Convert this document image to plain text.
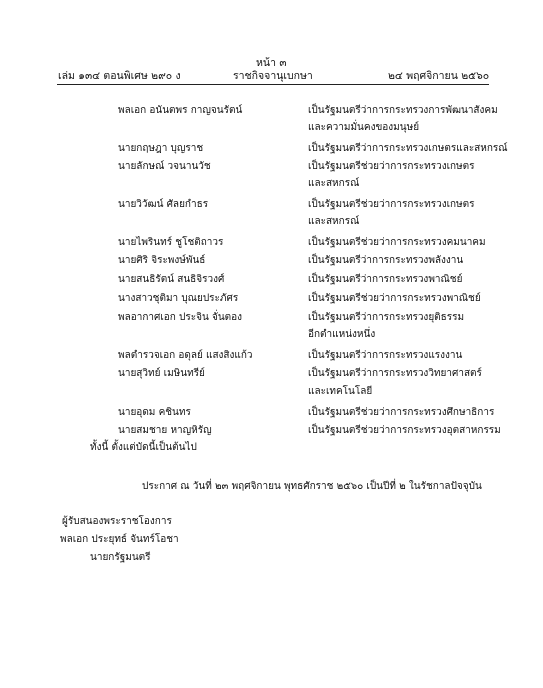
หน้า ๓
เล่ม ๑๓๔ ตอนพิเศษ ๒๙๐ ง	ราชกิจจานุเบกษา	๒๔ พฤศจิกายน ๒๕๖๐
พลเอก อนันตพร กาญจนรัตน์	เป็นรัฐมนตรีว่าการกระทรวงการพัฒนาสังคม
และความมั่นคงของมนุษย์
นายกฤษฎา บุญราช	เป็นรัฐมนตรีว่าการกระทรวงเกษตรและสหกรณ์
นายลักษณ์ วจนานวัช	เป็นรัฐมนตรีช่วยว่าการกระทรวงเกษตร
และสหกรณ์
นายวิวัฒน์ ศัลยกำธร	เป็นรัฐมนตรีช่วยว่าการกระทรวงเกษตร
และสหกรณ์
นายไพรินทร์ ชูโชติถาวร	เป็นรัฐมนตรีช่วยว่าการกระทรวงคมนาคม
นายศิริ จิระพงษ์พันธ์	เป็นรัฐมนตรีว่าการกระทรวงพลังงาน
นายสนธิรัตน์ สนธิจิรวงศ์	เป็นรัฐมนตรีว่าการกระทรวงพาณิชย์
นางสาวชุติมา บุณยประภัศร	เป็นรัฐมนตรีช่วยว่าการกระทรวงพาณิชย์
พลอากาศเอก ประจิน จั่นตอง	เป็นรัฐมนตรีว่าการกระทรวงยุติธรรม
อีกตำแหน่งหนึ่ง
พลตำรวจเอก อดุลย์ แสงสิงแก้ว	เป็นรัฐมนตรีว่าการกระทรวงแรงงาน
นายสุวิทย์ เมษินทรีย์	เป็นรัฐมนตรีว่าการกระทรวงวิทยาศาสตร์
และเทคโนโลยี
นายอุดม คชินทร	เป็นรัฐมนตรีช่วยว่าการกระทรวงศึกษาธิการ
นายสมชาย หาญหิรัญ	เป็นรัฐมนตรีช่วยว่าการกระทรวงอุตสาหกรรม
ทั้งนี้ ตั้งแต่บัดนี้เป็นต้นไป
ประกาศ ณ วันที่ ๒๓ พฤศจิกายน พุทธศักราช ๒๕๖๐ เป็นปีที่ ๒ ในรัชกาลปัจจุบัน
ผู้รับสนองพระราชโองการ
พลเอก ประยุทธ์ จันทร์โอชา
นายกรัฐมนตรี
